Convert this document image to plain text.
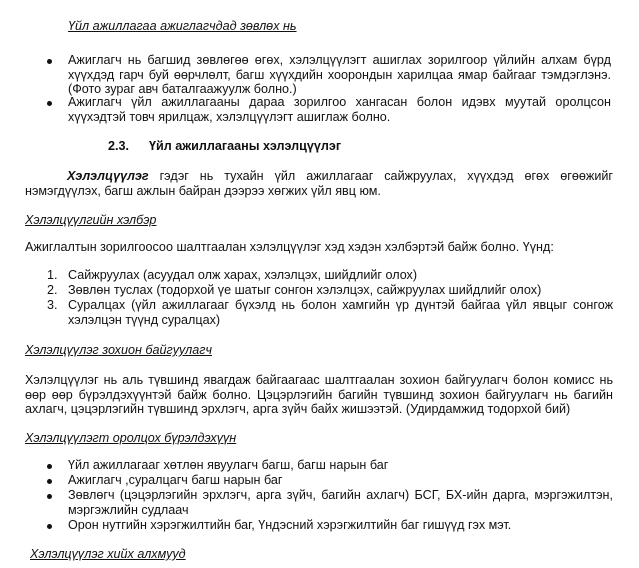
Үйл ажиллагаа ажиглагчдад зөвлөх нь
Ажиглагч нь багшид зөвлөгөө өгөх, хэлэлцүүлэгт ашиглах зорилгоор үйлийн алхам бүрд хүүхдэд гарч буй өөрчлөлт, багш хүүхдийн хоорондын харилцаа ямар байгааг тэмдэглэнэ. (Фото зураг авч баталгаажуулж болно.)
Ажиглагч үйл ажиллагааны дараа зорилгоо хангасан болон идэвх муутай оролцсон хүүхэдтэй товч ярилцаж, хэлэлцүүлэгт ашиглаж болно.
2.3. Үйл ажиллагааны хэлэлцүүлэг
Хэлэлцүүлэг гэдэг нь тухайн үйл ажиллагааг сайжруулах, хүүхдэд өгөх өгөөжийг нэмэгдүүлэх, багш ажлын байран дээрээ хөгжих үйл явц юм.
Хэлэлцүүлгийн хэлбэр
Ажиглалтын зорилгоосоо шалтгаалан хэлэлцүүлэг хэд хэдэн хэлбэртэй байж болно. Үүнд:
1. Сайжруулах (асуудал олж харах, хэлэлцэх, шийдлийг олох)
2. Зөвлөн туслах (тодорхой үе шатыг сонгон хэлэлцэх, сайжруулах шийдлийг олох)
3. Суралцах (үйл ажиллагааг бүхэлд нь болон хамгийн үр дүнтэй байгаа үйл явцыг сонгож хэлэлцэн түүнд суралцах)
Хэлэлцүүлэг зохион байгуулагч
Хэлэлцүүлэг нь аль түвшинд явагдаж байгаагаас шалтгаалан зохион байгуулагч болон комисс нь өөр өөр бүрэлдэхүүнтэй байж болно. Цэцэрлэгийн багийн түвшинд зохион байгуулагч нь багийн ахлагч, цэцэрлэгийн түвшинд эрхлэгч, арга зүйч байх жишээтэй. (Удирдамжид тодорхой бий)
Хэлэлцүүлэгт оролцох бүрэлдэхүүн
Үйл ажиллагааг хөтлөн явуулагч багш, багш нарын баг
Ажиглагч ,суралцагч багш нарын баг
Зөвлөгч (цэцэрлэгийн эрхлэгч, арга зүйч, багийн ахлагч) БСГ, БХ-ийн дарга, мэргэжилтэн, мэргэжлийн судлаач
Орон нутгийн хэрэгжилтийн баг, Үндэсний хэрэгжилтийн баг гишүүд гэх мэт.
Хэлэлцүүлэг хийх алхмууд
